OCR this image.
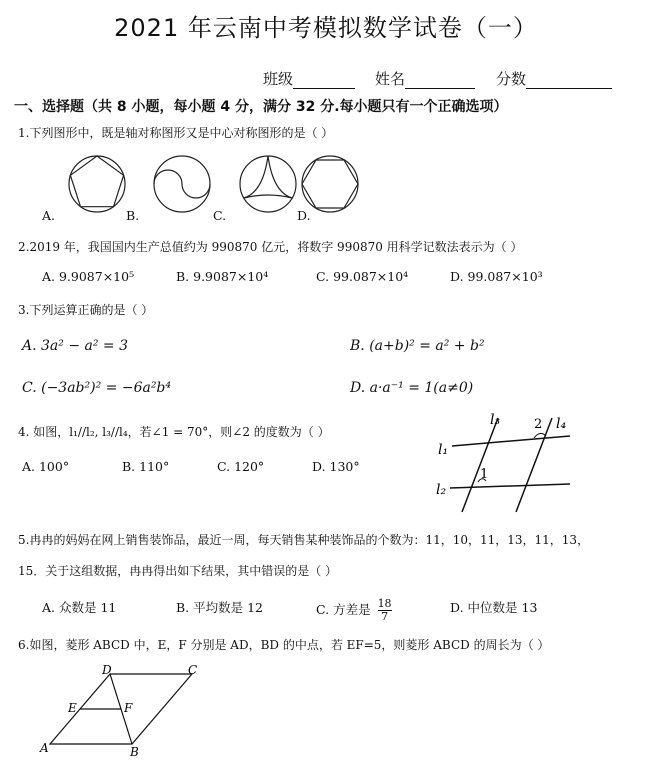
2021 年云南中考模拟数学试卷（一）
班级	姓名	分数
一、选择题（共 8 小题，每小题 4 分，满分 32 分.每小题只有一个正确选项）
1.下列图形中，既是轴对称图形又是中心对称图形的是（ ）
A.	B.	C.	D.
2.2019 年，我国国内生产总值约为 990870 亿元，将数字 990870 用科学记数法表示为（ ）
A. 9.9087×10⁵	B. 9.9087×10⁴	C. 99.087×10⁴	D. 99.087×10³
3.下列运算正确的是（ ）
A. 3a² − a² = 3	B. (a+b)² = a² + b²
C. (−3ab²)² = −6a²b⁴	D. a·a⁻¹ = 1(a≠0)
4. 如图，l₁//l₂, l₃//l₄，若∠1 = 70°，则∠2 的度数为（ ）
A. 100°	B. 110°	C. 120°	D. 130°
l₁
l₂
l₃	l₄
1
2
5.冉冉的妈妈在网上销售装饰品，最近一周，每天销售某种装饰品的个数为：11，10，11，13，11，13，
15．关于这组数据，冉冉得出如下结果，其中错误的是（ ）
A. 众数是 11	B. 平均数是 12	C. 方差是 $\frac{18}{7}$	D. 中位数是 13
6.如图，菱形 ABCD 中，E，F 分别是 AD，BD 的中点，若 EF=5，则菱形 ABCD 的周长为（ ）
A	B
C
D
E	F
